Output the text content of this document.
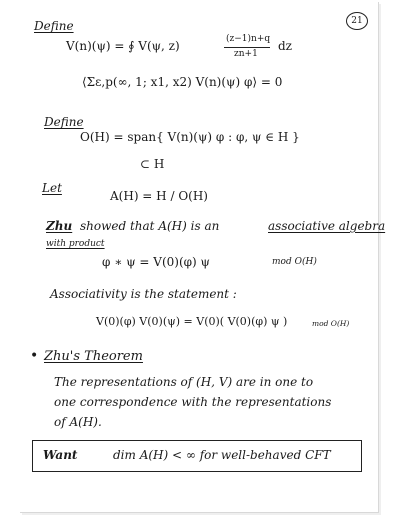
21
Define
V(n)(ψ) = ∮ V(ψ, z)	(z−1)n+q
zn+1
dz
⟨Σε,p(∞, 1; x1, x2) V(n)(ψ) φ⟩ = 0
Define
O(H) = span{ V(n)(ψ) φ : φ, ψ ∈ H }
⊂ H
Let
A(H) = H / O(H)
Zhu showed that A(H) is an	associative algebra
with product
φ ∗ ψ = V(0)(φ) ψ	mod O(H)
Associativity is the statement :
V(0)(φ) V(0)(ψ) = V(0)( V(0)(φ) ψ )	mod O(H)
• Zhu's Theorem
The representations of (H, V) are in one to
one correspondence with the representations
of A(H).
Want	dim A(H) < ∞ for well-behaved CFT
